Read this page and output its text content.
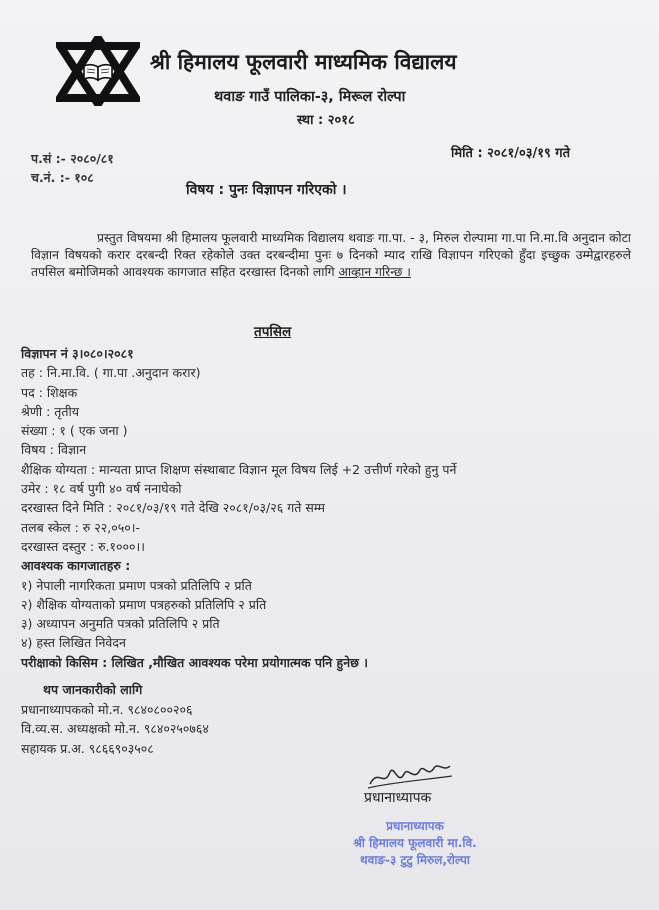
श्री हिमालय फूलवारी माध्यमिक विद्यालय
थवाङ गाउँ पालिका-३, मिरूल रोल्पा
स्था : २०१८
प.सं :- २०८०/८१
च.नं. :- १०८
मिति : २०८१/०३/१९ गते
विषय : पुनः विज्ञापन गरिएको ।
प्रस्तुत विषयमा श्री हिमालय फूलवारी माध्यमिक विद्यालय थवाङ गा.पा. - ३, मिरुल रोल्पामा गा.पा नि.मा.वि अनुदान कोटा विज्ञान विषयको करार दरबन्दी रिक्त रहेकोले उक्त दरबन्दीमा पुनः ७ दिनको म्याद राखि विज्ञापन गरिएको हुँदा इच्छुक उम्मेद्वारहरुले तपसिल बमोजिमको आवश्यक कागजात सहित दरखास्त दिनको लागि आव्हान गरिन्छ ।
तपसिल
विज्ञापन नं ३।०८०।२०८१
तह : नि.मा.वि. ( गा.पा .अनुदान करार)
पद : शिक्षक
श्रेणी : तृतीय
संख्या : १ ( एक जना )
विषय : विज्ञान
शैक्षिक योग्यता : मान्यता प्राप्त शिक्षण संस्थाबाट विज्ञान मूल विषय लिई +2 उत्तीर्ण गरेको हुनु पर्ने
उमेर : १८ वर्ष पुगी ४० वर्ष ननाघेको
दरखास्त दिने मिति : २०८१/०३/१९ गते देखि २०८१/०३/२६ गते सम्म
तलब स्केल : रु २२,०५०।-
दरखास्त दस्तुर : रु.१०००।।
आवश्यक कागजातहरु :
१) नेपाली नागरिकता प्रमाण पत्रको प्रतिलिपि २ प्रति
२) शैक्षिक योग्यताको प्रमाण पत्रहरुको प्रतिलिपि २ प्रति
३) अध्यापन अनुमति पत्रको प्रतिलिपि २ प्रति
४) हस्त लिखित निवेदन
परीक्षाको किसिम : लिखित ,मौखित आवश्यक परेमा प्रयोगात्मक पनि हुनेछ ।
थप जानकारीको लागि
प्रधानाध्यापकको मो.न. ९८४०८००२०६
वि.व्य.स. अध्यक्षको मो.न. ९८४०२५०७६४
सहायक प्र.अ. ९८६६९०३५०८
प्रधानाध्यापक
प्रधानाध्यापक
श्री हिमालय फूलवारी मा.वि.
थवाङ-३ टुटु मिरुल,रोल्पा
